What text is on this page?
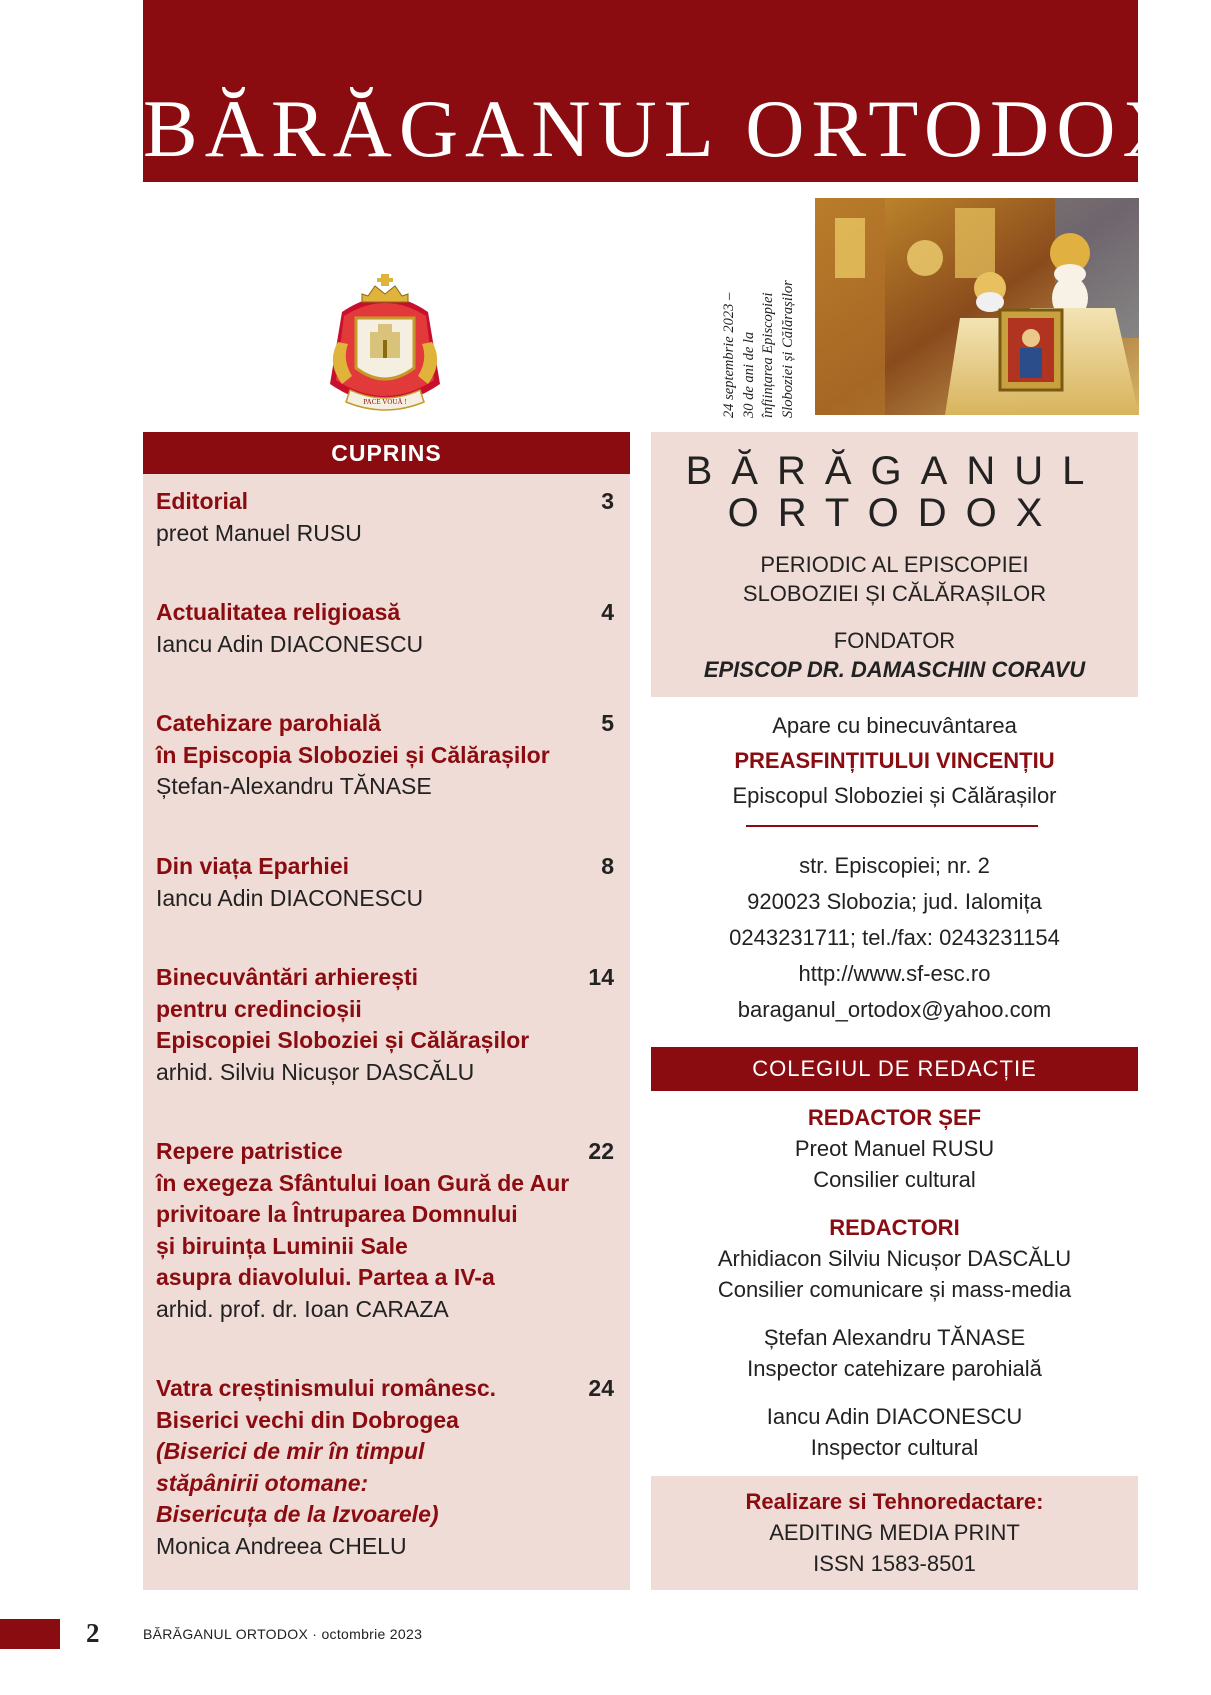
BĂRĂGANUL ORTODOX
PACE VOUĂ !	24 septembrie 2023 – 30 de ani de la înființarea Episcopiei Sloboziei și Călărașilor
CUPRINS
Editorial
preot Manuel RUSU
3
Actualitatea religioasă
Iancu Adin DIACONESCU
4
Catehizare parohială
în Episcopia Sloboziei și Călărașilor
Ștefan-Alexandru TĂNASE
5
Din viața Eparhiei
Iancu Adin DIACONESCU
8
Binecuvântări arhierești
pentru credincioșii
Episcopiei Sloboziei și Călărașilor
arhid. Silviu Nicușor DASCĂLU
14
Repere patristice
în exegeza Sfântului Ioan Gură de Aur
privitoare la Întruparea Domnului
și biruința Luminii Sale
asupra diavolului. Partea a IV-a
arhid. prof. dr. Ioan CARAZA
22
Vatra creștinismului românesc.
Biserici vechi din Dobrogea
(Biserici de mir în timpul
stăpânirii otomane:
Bisericuța de la Izvoarele)
Monica Andreea CHELU
24
BĂRĂGANUL
ORTODOX
PERIODIC AL EPISCOPIEI
SLOBOZIEI ȘI CĂLĂRAȘILOR
FONDATOR
EPISCOP DR. DAMASCHIN CORAVU
Apare cu binecuvântarea
PREASFINȚITULUI VINCENȚIU
Episcopul Sloboziei și Călărașilor
str. Episcopiei; nr. 2
920023 Slobozia; jud. Ialomița
0243231711; tel./fax: 0243231154
http://www.sf-esc.ro
baraganul_ortodox@yahoo.com
COLEGIUL DE REDACȚIE
REDACTOR ȘEF
Preot Manuel RUSU
Consilier cultural
REDACTORI
Arhidiacon Silviu Nicușor DASCĂLU
Consilier comunicare și mass-media
Ștefan Alexandru TĂNASE
Inspector catehizare parohială
Iancu Adin DIACONESCU
Inspector cultural
Realizare si Tehnoredactare:
AEDITING MEDIA PRINT
ISSN 1583-8501
2	BĂRĂGANUL ORTODOX · octombrie 2023
